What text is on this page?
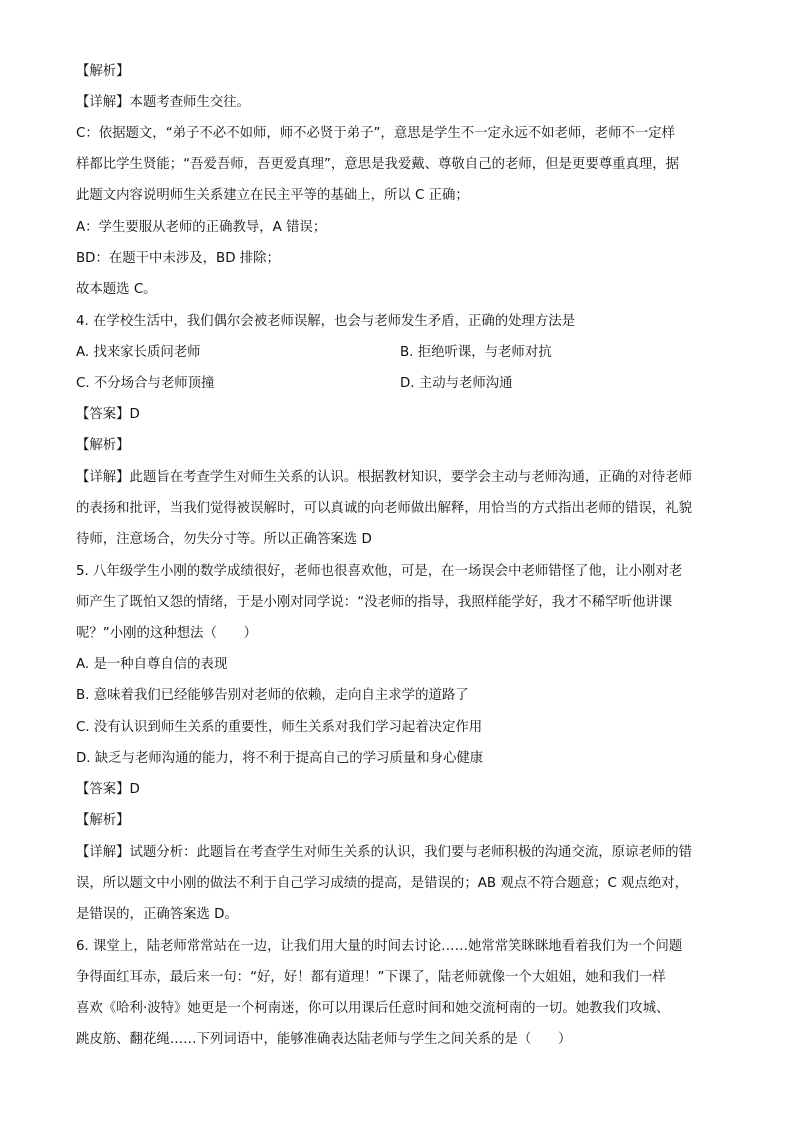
【解析】
【详解】本题考查师生交往。
C：依据题文，“弟子不必不如师，师不必贤于弟子”，意思是学生不一定永远不如老师，老师不一定样
样都比学生贤能；“吾爱吾师，吾更爱真理”，意思是我爱戴、尊敬自己的老师，但是更要尊重真理，据
此题文内容说明师生关系建立在民主平等的基础上，所以 C 正确；
A：学生要服从老师的正确教导，A 错误；
BD：在题干中未涉及，BD 排除；
故本题选 C。
4. 在学校生活中，我们偶尔会被老师误解，也会与老师发生矛盾，正确的处理方法是
A. 找来家长质问老师	B. 拒绝听课，与老师对抗
C. 不分场合与老师顶撞	D. 主动与老师沟通
【答案】D
【解析】
【详解】此题旨在考查学生对师生关系的认识。根据教材知识，要学会主动与老师沟通，正确的对待老师
的表扬和批评，当我们觉得被误解时，可以真诚的向老师做出解释，用恰当的方式指出老师的错误，礼貌
待师，注意场合，勿失分寸等。所以正确答案选 D
5. 八年级学生小刚的数学成绩很好，老师也很喜欢他，可是，在一场误会中老师错怪了他，让小刚对老
师产生了既怕又怨的情绪，于是小刚对同学说：“没老师的指导，我照样能学好，我才不稀罕听他讲课
呢？”小刚的这种想法（　　）
A. 是一种自尊自信的表现
B. 意味着我们已经能够告别对老师的依赖，走向自主求学的道路了
C. 没有认识到师生关系的重要性，师生关系对我们学习起着决定作用
D. 缺乏与老师沟通的能力，将不利于提高自己的学习质量和身心健康
【答案】D
【解析】
【详解】试题分析：此题旨在考查学生对师生关系的认识，我们要与老师积极的沟通交流，原谅老师的错
误，所以题文中小刚的做法不利于自己学习成绩的提高，是错误的；AB 观点不符合题意；C 观点绝对，
是错误的，正确答案选 D。
6. 课堂上，陆老师常常站在一边，让我们用大量的时间去讨论……她常常笑眯眯地看着我们为一个问题
争得面红耳赤，最后来一句：“好，好！都有道理！”下课了，陆老师就像一个大姐姐，她和我们一样
喜欢《哈利·波特》她更是一个柯南迷，你可以用课后任意时间和她交流柯南的一切。她教我们攻城、
跳皮筋、翻花绳……下列词语中，能够准确表达陆老师与学生之间关系的是（　　）
